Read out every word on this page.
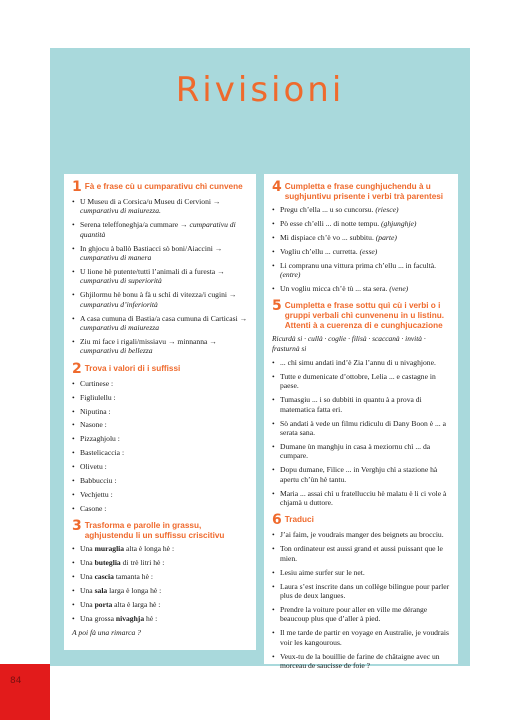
Rivisioni
1 Fà e frase cù u cumparativu chì cunvene
• U Museu di a Corsica/u Museu di Cervioni → cumparativu di maiurezza.
• Serena teleffoneghja/a cummare → cumparativu di quantità
• In ghjocu à ballò Bastiacci sò boni/Aiaccini → cumparativu di manera
• U lione hè putente/tutti l’animali di a furesta → cumparativu di superiorità
• Ghjilormu hè bonu à fà u schì di vitezza/i cugini → cumparativu d’inferiorità
• A casa cumuna di Bastia/a casa cumuna di Carticasi → cumparativu di maiurezza
• Ziu mi face i rigali/missiavu → minnanna → cumparativu di bellezza
2 Trova i valori di i suffissi
• Curtinese :
• Figliulellu :
• Niputina :
• Nasone :
• Pizzaghjolu :
• Bastelicaccia :
• Olivetu :
• Babbucciu :
• Vechjettu :
• Casone :
3 Trasforma e parolle in grassu, aghjustendu li un suffissu criscitivu
• Una muraglia alta è longa hè :
• Una buteglia di trè litri hè :
• Una cascia tamanta hè :
• Una sala larga è longa hè :
• Una porta alta è larga hè :
• Una grossa nivaghja hè :
A poi fà una rimarca ?
4 Cumpletta e frase cunghjuchendu à u sughjuntivu prisente i verbi trà parentesi
• Pregu ch’ella ... u so cuncorsu. (riesce)
• Pò esse ch’elli ... di notte tempu. (ghjunghje)
• Mi dispiace ch’è vo ... subbitu. (parte)
• Vogliu ch’ellu ... curretta. (esse)
• Li compranu una vittura prima ch’ellu ... in facultà. (entre)
• Un vogliu micca ch’è tù ... sta sera. (vene)
5 Cumpletta e frase sottu quì cù i verbi o i gruppi verbali chì cunvenenu in u listinu. Attenti à a cuerenza di e cunghjucazione
Ricurdà si · cullà · coglie · filisà · scaccanà · invità · frasturnà si
• ... chì simu andati ind’è Zia l’annu di u nivaghjone.
• Tutte e dumenicate d’ottobre, Lelia ... e castagne in paese.
• Tumasgiu ... i so dubbiti in quantu à a prova di matematica fatta eri.
• Sò andati à vede un filmu ridiculu di Dany Boon è ... a serata sana.
• Dumane ùn manghju in casa à meziornu chì ... da cumpare.
• Dopu dumane, Filice ... in Verghju chì a stazione hà apertu ch’ùn hè tantu.
• Maria ... assai chì u fratellucciu hè malatu è li ci vole à chjamà u duttore.
6 Traduci
• J’ai faim, je voudrais manger des beignets au brocciu.
• Ton ordinateur est aussi grand et aussi puissant que le mien.
• Lesiu aime surfer sur le net.
• Laura s’est inscrite dans un collège bilingue pour parler plus de deux langues.
• Prendre la voiture pour aller en ville me dérange beaucoup plus que d’aller à pied.
• Il me tarde de partir en voyage en Australie, je voudrais voir les kangourous.
• Veux-tu de la bouillie de farine de châtaigne avec un morceau de saucisse de foie ?
84
